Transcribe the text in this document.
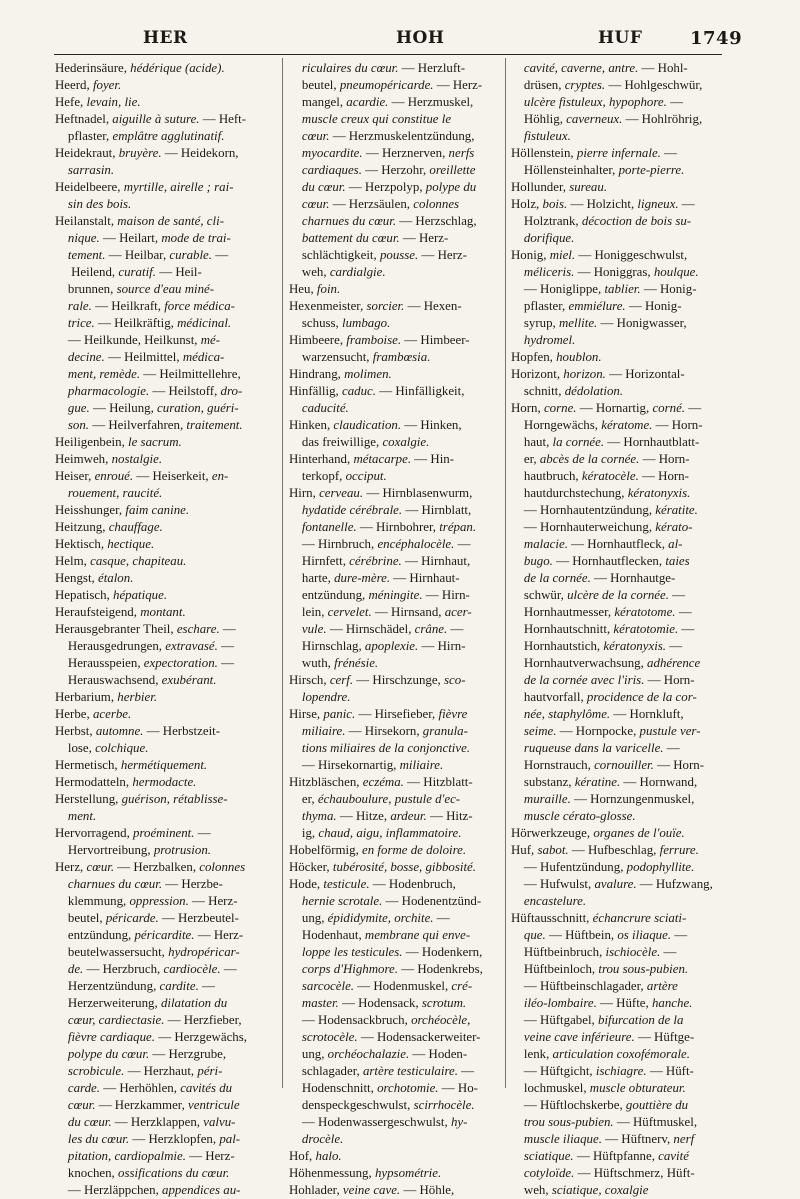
HER	HOH	HUF	1749
Hederinsäure, hédérique (acide).
Heerd, foyer.
Hefe, levain, lie.
Heftnadel, aiguille à suture. — Heft-
 pflaster, emplâtre agglutinatif.
Heidekraut, bruyère. — Heidekorn,
 sarrasin.
Heidelbeere, myrtille, airelle ; rai-
 sin des bois.
Heilanstalt, maison de santé, cli-
 nique. — Heilart, mode de trai-
 tement. — Heilbar, curable. —
  Heilend, curatif. — Heil-
 brunnen, source d'eau miné-
 rale. — Heilkraft, force médica-
 trice. — Heilkräftig, médicinal.
 — Heilkunde, Heilkunst, mé-
 decine. — Heilmittel, médica-
 ment, remède. — Heilmittellehre,
 pharmacologie. — Heilstoff, dro-
 gue. — Heilung, curation, guéri-
 son. — Heilverfahren, traitement.
Heiligenbein, le sacrum.
Heimweh, nostalgie.
Heiser, enroué. — Heiserkeit, en-
 rouement, raucité.
Heisshunger, faim canine.
Heitzung, chauffage.
Hektisch, hectique.
Helm, casque, chapiteau.
Hengst, étalon.
Hepatisch, hépatique.
Heraufsteigend, montant.
Herausgebranter Theil, eschare. —
 Herausgedrungen, extravasé. —
 Herausspeien, expectoration. —
 Herauswachsend, exubérant.
Herbarium, herbier.
Herbe, acerbe.
Herbst, automne. — Herbstzeit-
 lose, colchique.
Hermetisch, hermétiquement.
Hermodatteln, hermodacte.
Herstellung, guérison, rétablisse-
 ment.
Hervorragend, proéminent. —
 Hervortreibung, protrusion.
Herz, cœur. — Herzbalken, colonnes
 charnues du cœur. — Herzbe-
 klemmung, oppression. — Herz-
 beutel, péricarde. — Herzbeutel-
 entzündung, péricardite. — Herz-
 beutelwassersucht, hydropéricar-
 de. — Herzbruch, cardiocèle. —
 Herzentzündung, cardite. —
 Herzerweiterung, dilatation du
 cœur, cardiectasie. — Herzfieber,
 fièvre cardiaque. — Herzgewächs,
 polype du cœur. — Herzgrube,
 scrobicule. — Herzhaut, péri-
 carde. — Herhöhlen, cavités du
 cœur. — Herzkammer, ventricule
 du cœur. — Herzklappen, valvu-
 les du cœur. — Herzklopfen, pal-
 pitation, cardiopalmie. — Herz-
 knochen, ossifications du cœur.
 — Herzläppchen, appendices au-
 riculaires du cœur. — Herzluft-
 beutel, pneumopéricarde. — Herz-
 mangel, acardie. — Herzmuskel,
 muscle creux qui constitue le
 cœur. — Herzmuskelentzündung,
 myocardite. — Herznerven, nerfs
 cardiaques. — Herzohr, oreillette
 du cœur. — Herzpolyp, polype du
 cœur. — Herzsäulen, colonnes
 charnues du cœur. — Herzschlag,
 battement du cœur. — Herz-
 schlächtigkeit, pousse. — Herz-
 weh, cardialgie.
Heu, foin.
Hexenmeister, sorcier. — Hexen-
 schuss, lumbago.
Himbeere, framboise. — Himbeer-
 warzensucht, frambœsia.
Hindrang, molimen.
Hinfällig, caduc. — Hinfälligkeit,
 caducité.
Hinken, claudication. — Hinken,
 das freiwillige, coxalgie.
Hinterhand, métacarpe. — Hin-
 terkopf, occiput.
Hirn, cerveau. — Hirnblasenwurm,
 hydatide cérébrale. — Hirnblatt,
 fontanelle. — Hirnbohrer, trépan.
 — Hirnbruch, encéphalocèle. —
 Hirnfett, cérébrine. — Hirnhaut,
 harte, dure-mère. — Hirnhaut-
 entzündung, méningite. — Hirn-
 lein, cervelet. — Hirnsand, acer-
 vule. — Hirnschädel, crâne. —
 Hirnschlag, apoplexie. — Hirn-
 wuth, frénésie.
Hirsch, cerf. — Hirschzunge, sco-
 lopendre.
Hirse, panic. — Hirsefieber, fièvre
 miliaire. — Hirsekorn, granula-
 tions miliaires de la conjonctive.
 — Hirsekornartig, miliaire.
Hitzbläschen, eczéma. — Hitzblatt-
 er, échauboulure, pustule d'ec-
 thyma. — Hitze, ardeur. — Hitz-
 ig, chaud, aigu, inflammatoire.
Hobelförmig, en forme de doloire.
Höcker, tubérosité, bosse, gibbosité.
Hode, testicule. — Hodenbruch,
 hernie scrotale. — Hodenentzünd-
 ung, épididymite, orchite. —
 Hodenhaut, membrane qui enve-
 loppe les testicules. — Hodenkern,
 corps d'Highmore. — Hodenkrebs,
 sarcocèle. — Hodenmuskel, cré-
 master. — Hodensack, scrotum.
 — Hodensackbruch, orchéocèle,
 scrotocèle. — Hodensackerweiter-
 ung, orchéochalazie. — Hoden-
 schlagader, artère testiculaire. —
 Hodenschnitt, orchotomie. — Ho-
 denspeckgeschwulst, scirrhocèle.
 — Hodenwassergeschwulst, hy-
 drocèle.
Hof, halo.
Höhenmessung, hypsométrie.
Hohlader, veine cave. — Höhle,
 cavité, caverne, antre. — Hohl-
 drüsen, cryptes. — Hohlgeschwür,
 ulcère fistuleux, hypophore. —
 Höhlig, caverneux. — Hohlröhrig,
 fistuleux.
Höllenstein, pierre infernale. —
 Höllensteinhalter, porte-pierre.
Hollunder, sureau.
Holz, bois. — Holzicht, ligneux. —
 Holztrank, décoction de bois su-
 dorifique.
Honig, miel. — Honiggeschwulst,
 méliceris. — Honiggras, houlque.
 — Honiglippe, tablier. — Honig-
 pflaster, emmiélure. — Honig-
 syrup, mellite. — Honigwasser,
 hydromel.
Hopfen, houblon.
Horizont, horizon. — Horizontal-
 schnitt, dédolation.
Horn, corne. — Hornartig, corné. —
 Horngewächs, kératome. — Horn-
 haut, la cornée. — Hornhautblatt-
 er, abcès de la cornée. — Horn-
 hautbruch, kératocèle. — Horn-
 hautdurchstechung, kératonyxis.
 — Hornhautentzündung, kératite.
 — Hornhauterweichung, kérato-
 malacie. — Hornhautfleck, al-
 bugo. — Hornhautflecken, taies
 de la cornée. — Hornhautge-
 schwür, ulcère de la cornée. —
 Hornhautmesser, kératotome. —
 Hornhautschnitt, kératotomie. —
 Hornhautstich, kératonyxis. —
 Hornhautverwachsung, adhérence
 de la cornée avec l'iris. — Horn-
 hautvorfall, procidence de la cor-
 née, staphylôme. — Hornkluft,
 seime. — Hornpocke, pustule ver-
 ruqueuse dans la varicelle. —
 Hornstrauch, cornouiller. — Horn-
 substanz, kératine. — Hornwand,
 muraille. — Hornzungenmuskel,
 muscle cérato-glosse.
Hörwerkzeuge, organes de l'ouïe.
Huf, sabot. — Hufbeschlag, ferrure.
 — Hufentzündung, podophyllite.
 — Hufwulst, avalure. — Hufzwang,
 encastelure.
Hüftausschnitt, échancrure sciati-
 que. — Hüftbein, os iliaque. —
 Hüftbeinbruch, ischiocèle. —
 Hüftbeinloch, trou sous-pubien.
 — Hüftbeinschlagader, artère
 iléo-lombaire. — Hüfte, hanche.
 — Hüftgabel, bifurcation de la
 veine cave inférieure. — Hüftge-
 lenk, articulation coxofémorale.
 — Hüftgicht, ischiagre. — Hüft-
 lochmuskel, muscle obturateur.
 — Hüftlochskerbe, gouttière du
 trou sous-pubien. — Hüftmuskel,
 muscle iliaque. — Hüftnerv, nerf
 sciatique. — Hüftpfanne, cavité
 cotyloïde. — Hüftschmerz, Hüft-
 weh, sciatique, coxalgie
